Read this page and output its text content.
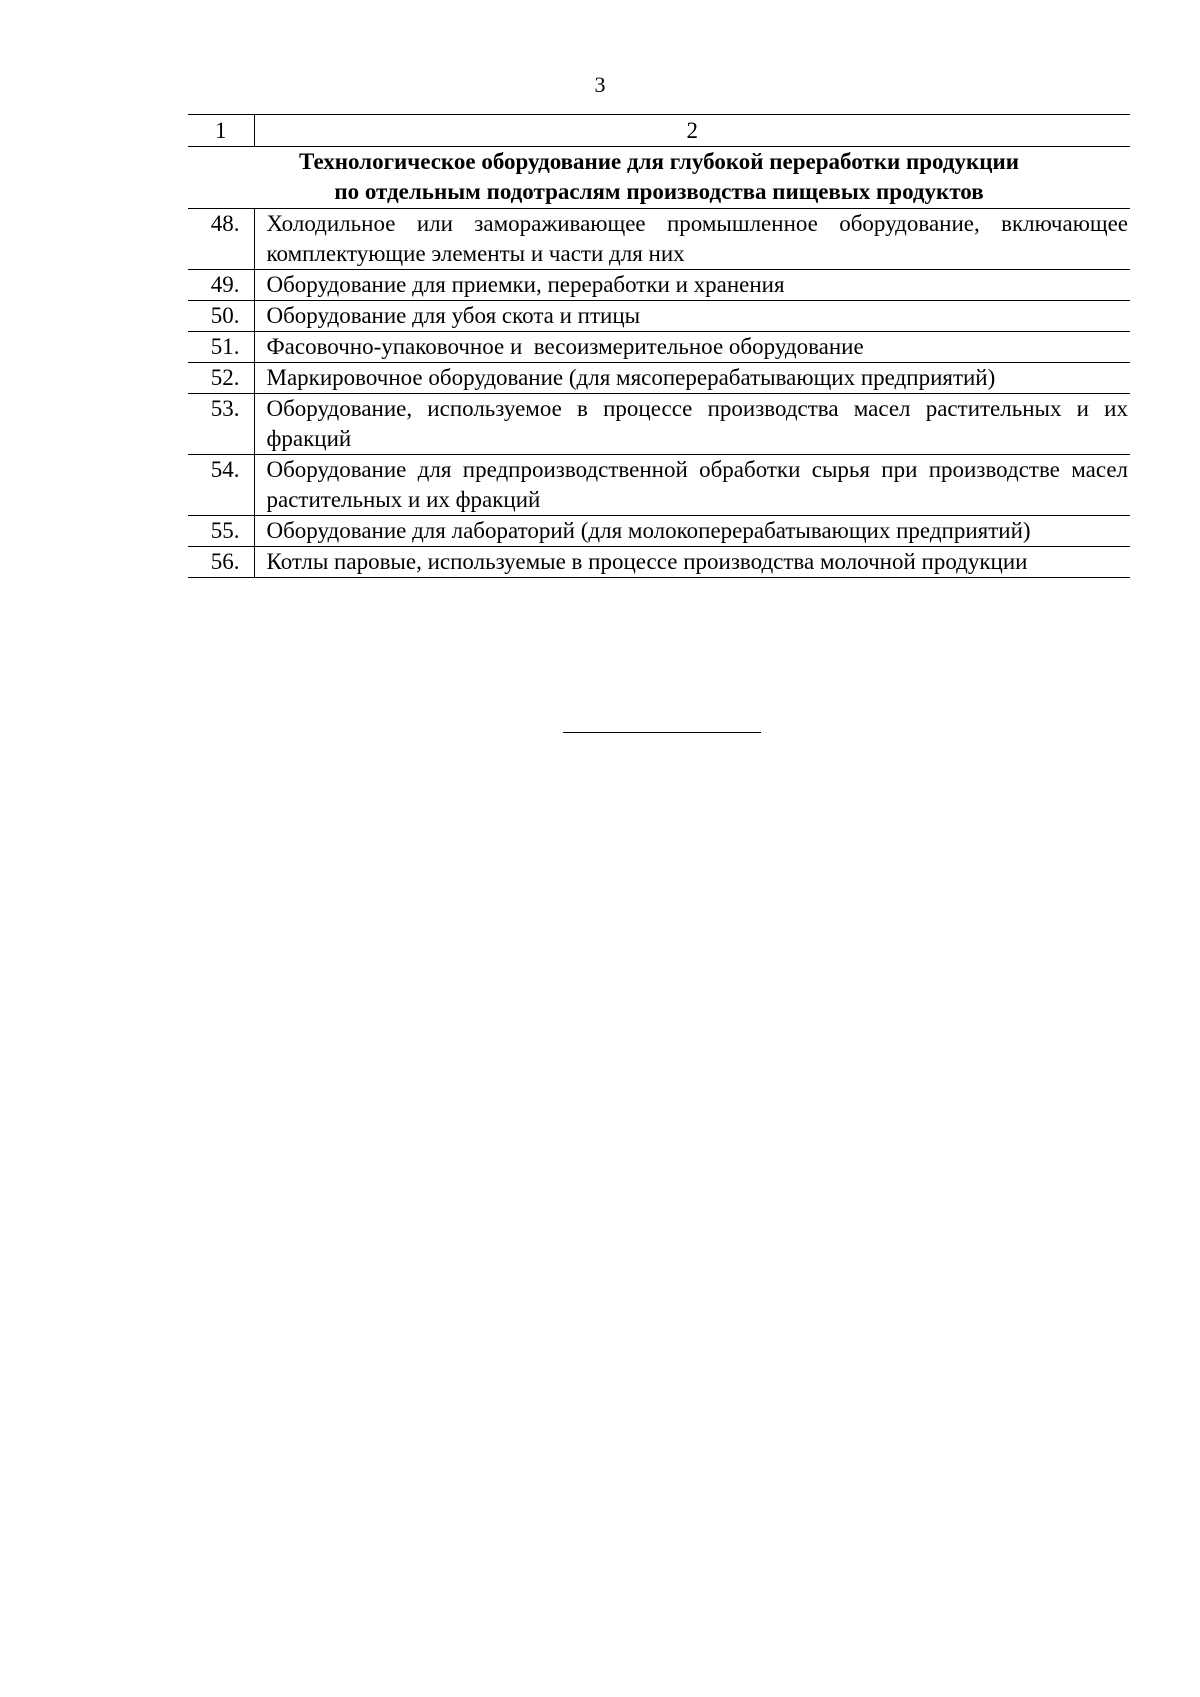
3
1	2

Технологическое оборудование для глубокой переработки продукции
по отдельным подотраслям производства пищевых продуктов	

48.	Холодильное или замораживающее промышленное оборудование, включающее комплектующие элементы и части для них
49.	Оборудование для приемки, переработки и хранения
50.	Оборудование для убоя скота и птицы
51.	Фасовочно-упаковочное и  весоизмерительное оборудование
52.	Маркировочное оборудование (для мясоперерабатывающих предприятий)
53.	Оборудование, используемое в процессе производства масел растительных и их фракций
54.	Оборудование для предпроизводственной обработки сырья при производстве масел растительных и их фракций
55.	Оборудование для лабораторий (для молокоперерабатывающих предприятий)
56.	Котлы паровые, используемые в процессе производства молочной продукции
